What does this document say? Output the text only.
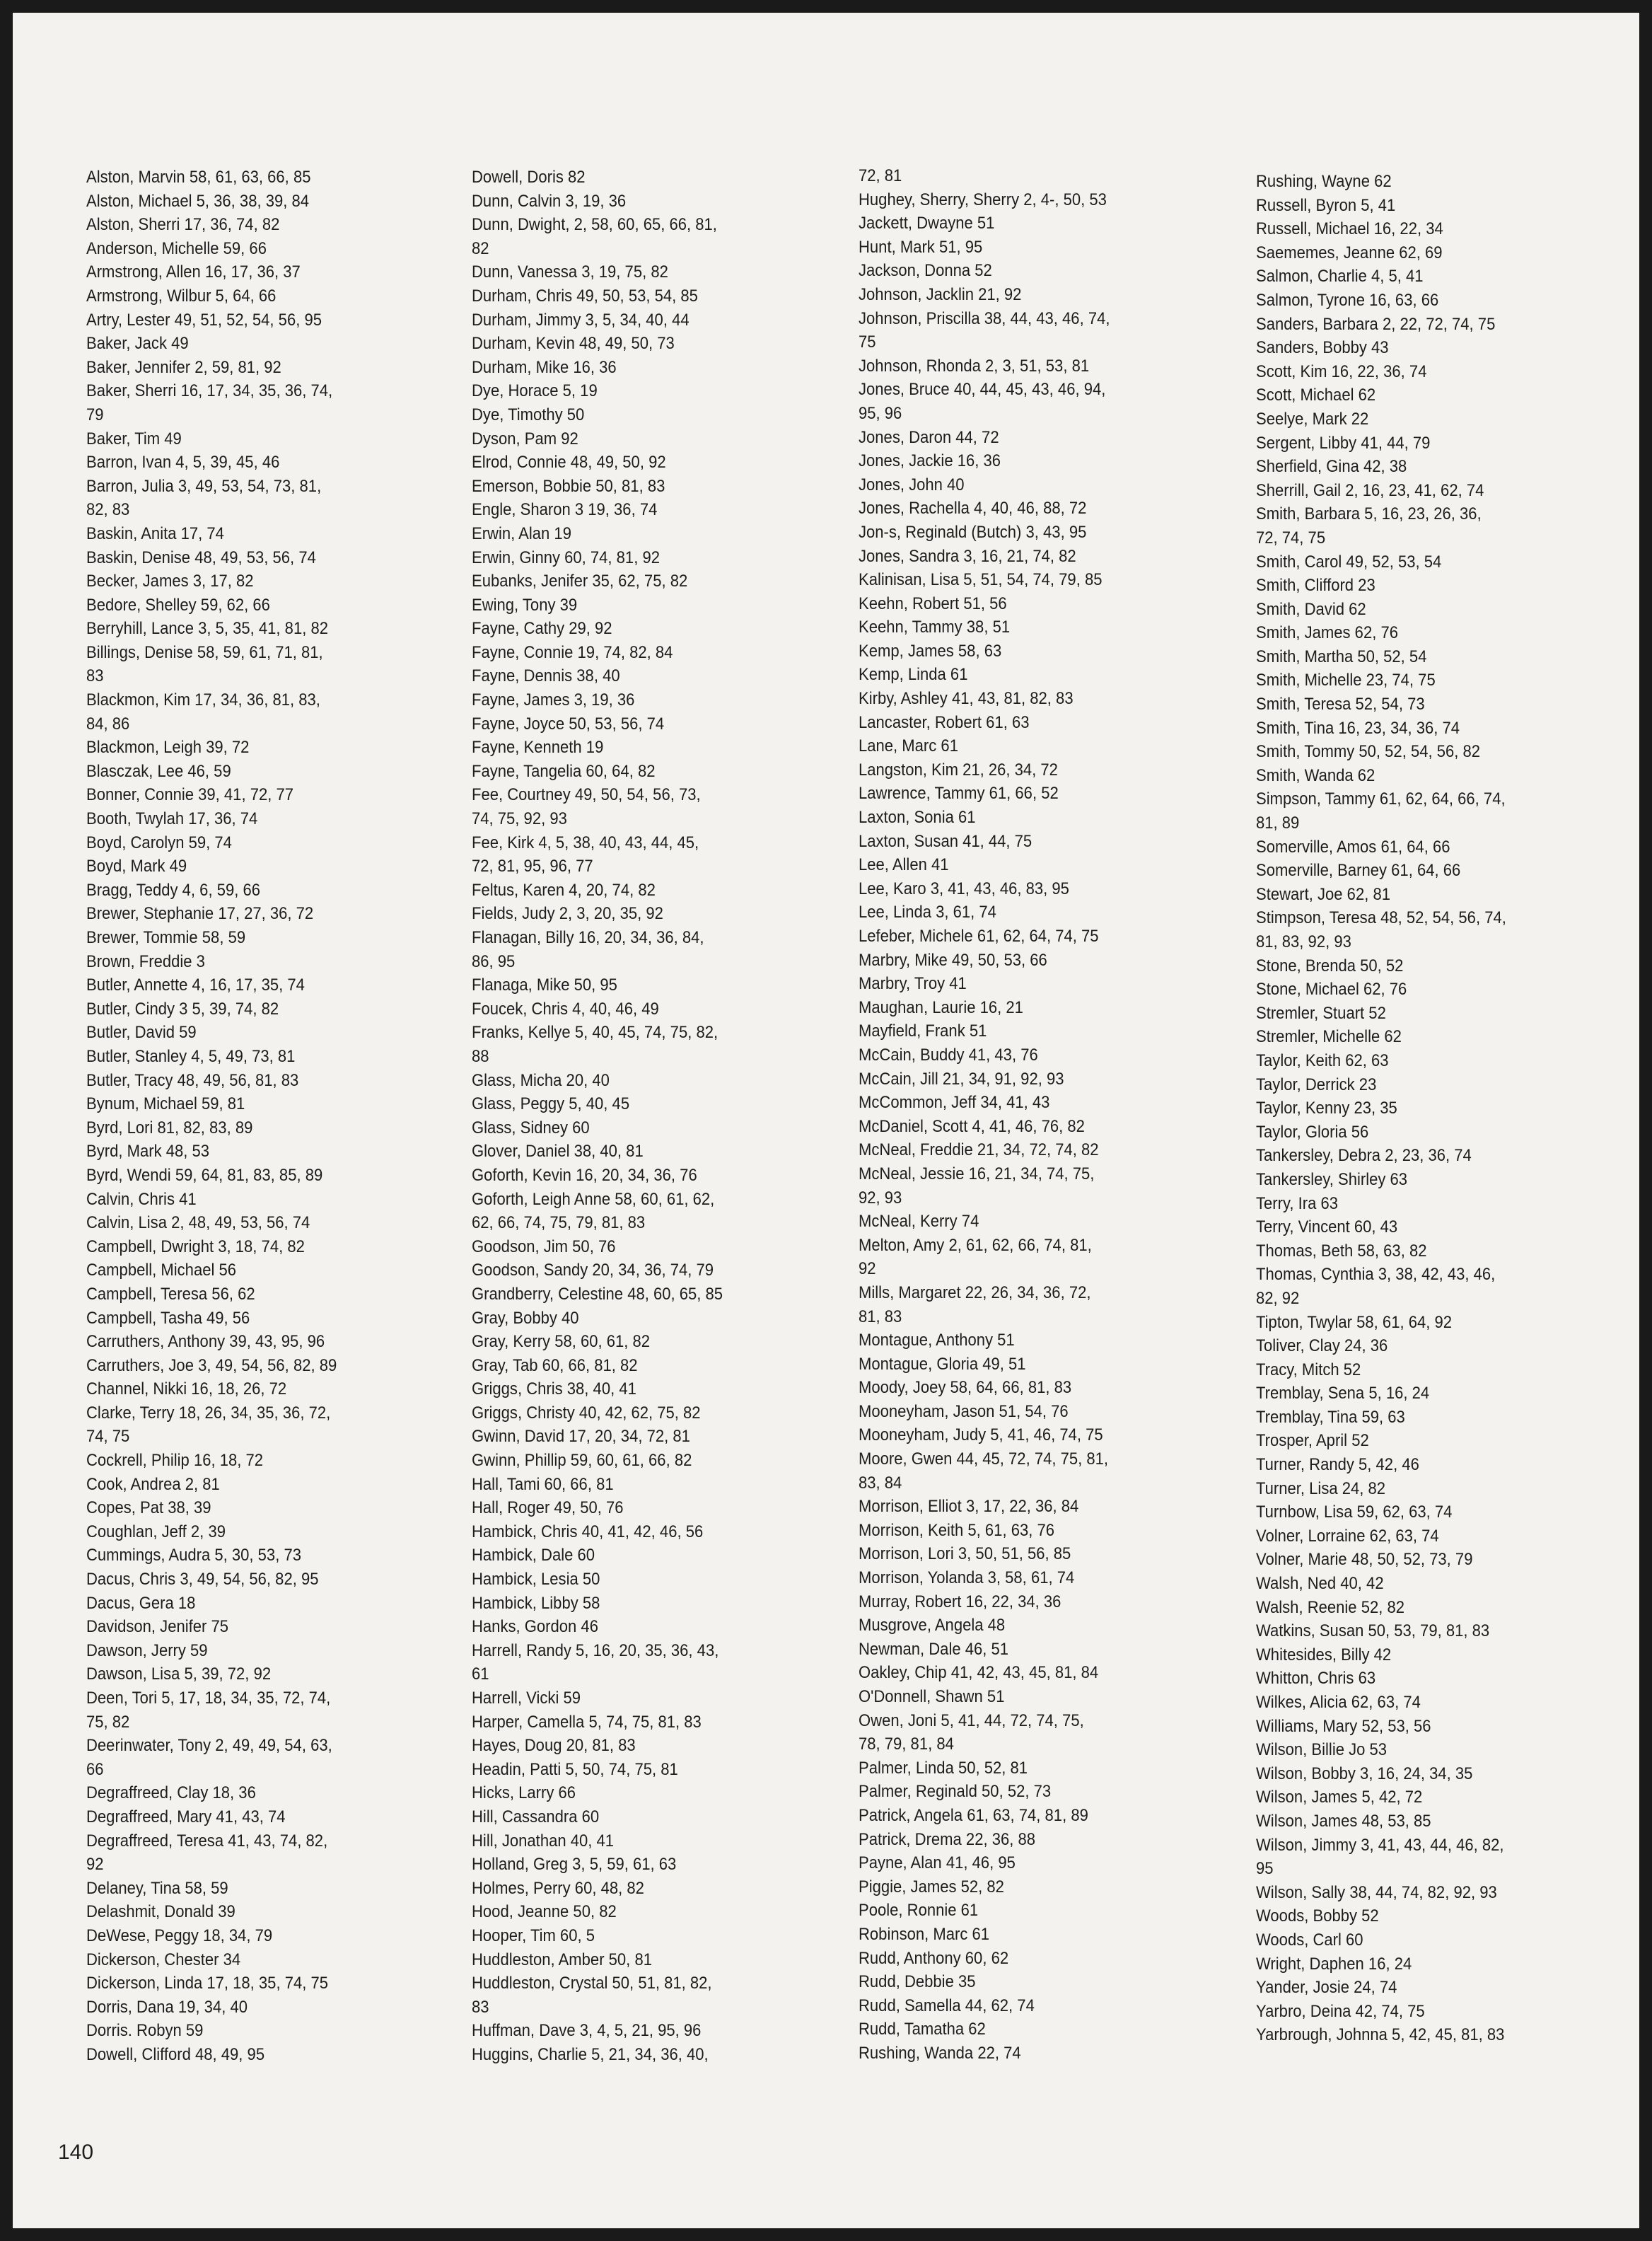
Alston, Marvin 58, 61, 63, 66, 85
Alston, Michael 5, 36, 38, 39, 84
Alston, Sherri 17, 36, 74, 82
Anderson, Michelle 59, 66
Armstrong, Allen 16, 17, 36, 37
Armstrong, Wilbur 5, 64, 66
Artry, Lester 49, 51, 52, 54, 56, 95
Baker, Jack 49
Baker, Jennifer 2, 59, 81, 92
Baker, Sherri 16, 17, 34, 35, 36, 74,
79
Baker, Tim 49
Barron, Ivan 4, 5, 39, 45, 46
Barron, Julia 3, 49, 53, 54, 73, 81,
82, 83
Baskin, Anita 17, 74
Baskin, Denise 48, 49, 53, 56, 74
Becker, James 3, 17, 82
Bedore, Shelley 59, 62, 66
Berryhill, Lance 3, 5, 35, 41, 81, 82
Billings, Denise 58, 59, 61, 71, 81,
83
Blackmon, Kim 17, 34, 36, 81, 83,
84, 86
Blackmon, Leigh 39, 72
Blasczak, Lee 46, 59
Bonner, Connie 39, 41, 72, 77
Booth, Twylah 17, 36, 74
Boyd, Carolyn 59, 74
Boyd, Mark 49
Bragg, Teddy 4, 6, 59, 66
Brewer, Stephanie 17, 27, 36, 72
Brewer, Tommie 58, 59
Brown, Freddie 3
Butler, Annette 4, 16, 17, 35, 74
Butler, Cindy 3 5, 39, 74, 82
Butler, David 59
Butler, Stanley 4, 5, 49, 73, 81
Butler, Tracy 48, 49, 56, 81, 83
Bynum, Michael 59, 81
Byrd, Lori 81, 82, 83, 89
Byrd, Mark 48, 53
Byrd, Wendi 59, 64, 81, 83, 85, 89
Calvin, Chris 41
Calvin, Lisa 2, 48, 49, 53, 56, 74
Campbell, Dwright 3, 18, 74, 82
Campbell, Michael 56
Campbell, Teresa 56, 62
Campbell, Tasha 49, 56
Carruthers, Anthony 39, 43, 95, 96
Carruthers, Joe 3, 49, 54, 56, 82, 89
Channel, Nikki 16, 18, 26, 72
Clarke, Terry 18, 26, 34, 35, 36, 72,
74, 75
Cockrell, Philip 16, 18, 72
Cook, Andrea 2, 81
Copes, Pat 38, 39
Coughlan, Jeff 2, 39
Cummings, Audra 5, 30, 53, 73
Dacus, Chris 3, 49, 54, 56, 82, 95
Dacus, Gera 18
Davidson, Jenifer 75
Dawson, Jerry 59
Dawson, Lisa 5, 39, 72, 92
Deen, Tori 5, 17, 18, 34, 35, 72, 74,
75, 82
Deerinwater, Tony 2, 49, 49, 54, 63,
66
Degraffreed, Clay 18, 36
Degraffreed, Mary 41, 43, 74
Degraffreed, Teresa 41, 43, 74, 82,
92
Delaney, Tina 58, 59
Delashmit, Donald 39
DeWese, Peggy 18, 34, 79
Dickerson, Chester 34
Dickerson, Linda 17, 18, 35, 74, 75
Dorris, Dana 19, 34, 40
Dorris. Robyn 59
Dowell, Clifford 48, 49, 95
Dowell, Doris 82
Dunn, Calvin 3, 19, 36
Dunn, Dwight, 2, 58, 60, 65, 66, 81,
82
Dunn, Vanessa 3, 19, 75, 82
Durham, Chris 49, 50, 53, 54, 85
Durham, Jimmy 3, 5, 34, 40, 44
Durham, Kevin 48, 49, 50, 73
Durham, Mike 16, 36
Dye, Horace 5, 19
Dye, Timothy 50
Dyson, Pam 92
Elrod, Connie 48, 49, 50, 92
Emerson, Bobbie 50, 81, 83
Engle, Sharon 3 19, 36, 74
Erwin, Alan 19
Erwin, Ginny 60, 74, 81, 92
Eubanks, Jenifer 35, 62, 75, 82
Ewing, Tony 39
Fayne, Cathy 29, 92
Fayne, Connie 19, 74, 82, 84
Fayne, Dennis 38, 40
Fayne, James 3, 19, 36
Fayne, Joyce 50, 53, 56, 74
Fayne, Kenneth 19
Fayne, Tangelia 60, 64, 82
Fee, Courtney 49, 50, 54, 56, 73,
74, 75, 92, 93
Fee, Kirk 4, 5, 38, 40, 43, 44, 45,
72, 81, 95, 96, 77
Feltus, Karen 4, 20, 74, 82
Fields, Judy 2, 3, 20, 35, 92
Flanagan, Billy 16, 20, 34, 36, 84,
86, 95
Flanaga, Mike 50, 95
Foucek, Chris 4, 40, 46, 49
Franks, Kellye 5, 40, 45, 74, 75, 82,
88
Glass, Micha 20, 40
Glass, Peggy 5, 40, 45
Glass, Sidney 60
Glover, Daniel 38, 40, 81
Goforth, Kevin 16, 20, 34, 36, 76
Goforth, Leigh Anne 58, 60, 61, 62,
62, 66, 74, 75, 79, 81, 83
Goodson, Jim 50, 76
Goodson, Sandy 20, 34, 36, 74, 79
Grandberry, Celestine 48, 60, 65, 85
Gray, Bobby 40
Gray, Kerry 58, 60, 61, 82
Gray, Tab 60, 66, 81, 82
Griggs, Chris 38, 40, 41
Griggs, Christy 40, 42, 62, 75, 82
Gwinn, David 17, 20, 34, 72, 81
Gwinn, Phillip 59, 60, 61, 66, 82
Hall, Tami 60, 66, 81
Hall, Roger 49, 50, 76
Hambick, Chris 40, 41, 42, 46, 56
Hambick, Dale 60
Hambick, Lesia 50
Hambick, Libby 58
Hanks, Gordon 46
Harrell, Randy 5, 16, 20, 35, 36, 43,
61
Harrell, Vicki 59
Harper, Camella 5, 74, 75, 81, 83
Hayes, Doug 20, 81, 83
Headin, Patti 5, 50, 74, 75, 81
Hicks, Larry 66
Hill, Cassandra 60
Hill, Jonathan 40, 41
Holland, Greg 3, 5, 59, 61, 63
Holmes, Perry 60, 48, 82
Hood, Jeanne 50, 82
Hooper, Tim 60, 5
Huddleston, Amber 50, 81
Huddleston, Crystal 50, 51, 81, 82,
83
Huffman, Dave 3, 4, 5, 21, 95, 96
Huggins, Charlie 5, 21, 34, 36, 40,
72, 81
Hughey, Sherry, Sherry 2, 4-, 50, 53
Jackett, Dwayne 51
Hunt, Mark 51, 95
Jackson, Donna 52
Johnson, Jacklin 21, 92
Johnson, Priscilla 38, 44, 43, 46, 74,
75
Johnson, Rhonda 2, 3, 51, 53, 81
Jones, Bruce 40, 44, 45, 43, 46, 94,
95, 96
Jones, Daron 44, 72
Jones, Jackie 16, 36
Jones, John 40
Jones, Rachella 4, 40, 46, 88, 72
Jon-s, Reginald (Butch) 3, 43, 95
Jones, Sandra 3, 16, 21, 74, 82
Kalinisan, Lisa 5, 51, 54, 74, 79, 85
Keehn, Robert 51, 56
Keehn, Tammy 38, 51
Kemp, James 58, 63
Kemp, Linda 61
Kirby, Ashley 41, 43, 81, 82, 83
Lancaster, Robert 61, 63
Lane, Marc 61
Langston, Kim 21, 26, 34, 72
Lawrence, Tammy 61, 66, 52
Laxton, Sonia 61
Laxton, Susan 41, 44, 75
Lee, Allen 41
Lee, Karo 3, 41, 43, 46, 83, 95
Lee, Linda 3, 61, 74
Lefeber, Michele 61, 62, 64, 74, 75
Marbry, Mike 49, 50, 53, 66
Marbry, Troy 41
Maughan, Laurie 16, 21
Mayfield, Frank 51
McCain, Buddy 41, 43, 76
McCain, Jill 21, 34, 91, 92, 93
McCommon, Jeff 34, 41, 43
McDaniel, Scott 4, 41, 46, 76, 82
McNeal, Freddie 21, 34, 72, 74, 82
McNeal, Jessie 16, 21, 34, 74, 75,
92, 93
McNeal, Kerry 74
Melton, Amy 2, 61, 62, 66, 74, 81,
92
Mills, Margaret 22, 26, 34, 36, 72,
81, 83
Montague, Anthony 51
Montague, Gloria 49, 51
Moody, Joey 58, 64, 66, 81, 83
Mooneyham, Jason 51, 54, 76
Mooneyham, Judy 5, 41, 46, 74, 75
Moore, Gwen 44, 45, 72, 74, 75, 81,
83, 84
Morrison, Elliot 3, 17, 22, 36, 84
Morrison, Keith 5, 61, 63, 76
Morrison, Lori 3, 50, 51, 56, 85
Morrison, Yolanda 3, 58, 61, 74
Murray, Robert 16, 22, 34, 36
Musgrove, Angela 48
Newman, Dale 46, 51
Oakley, Chip 41, 42, 43, 45, 81, 84
O'Donnell, Shawn 51
Owen, Joni 5, 41, 44, 72, 74, 75,
78, 79, 81, 84
Palmer, Linda 50, 52, 81
Palmer, Reginald 50, 52, 73
Patrick, Angela 61, 63, 74, 81, 89
Patrick, Drema 22, 36, 88
Payne, Alan 41, 46, 95
Piggie, James 52, 82
Poole, Ronnie 61
Robinson, Marc 61
Rudd, Anthony 60, 62
Rudd, Debbie 35
Rudd, Samella 44, 62, 74
Rudd, Tamatha 62
Rushing, Wanda 22, 74
Rushing, Wayne 62
Russell, Byron 5, 41
Russell, Michael 16, 22, 34
Saememes, Jeanne 62, 69
Salmon, Charlie 4, 5, 41
Salmon, Tyrone 16, 63, 66
Sanders, Barbara 2, 22, 72, 74, 75
Sanders, Bobby 43
Scott, Kim 16, 22, 36, 74
Scott, Michael 62
Seelye, Mark 22
Sergent, Libby 41, 44, 79
Sherfield, Gina 42, 38
Sherrill, Gail 2, 16, 23, 41, 62, 74
Smith, Barbara 5, 16, 23, 26, 36,
72, 74, 75
Smith, Carol 49, 52, 53, 54
Smith, Clifford 23
Smith, David 62
Smith, James 62, 76
Smith, Martha 50, 52, 54
Smith, Michelle 23, 74, 75
Smith, Teresa 52, 54, 73
Smith, Tina 16, 23, 34, 36, 74
Smith, Tommy 50, 52, 54, 56, 82
Smith, Wanda 62
Simpson, Tammy 61, 62, 64, 66, 74,
81, 89
Somerville, Amos 61, 64, 66
Somerville, Barney 61, 64, 66
Stewart, Joe 62, 81
Stimpson, Teresa 48, 52, 54, 56, 74,
81, 83, 92, 93
Stone, Brenda 50, 52
Stone, Michael 62, 76
Stremler, Stuart 52
Stremler, Michelle 62
Taylor, Keith 62, 63
Taylor, Derrick 23
Taylor, Kenny 23, 35
Taylor, Gloria 56
Tankersley, Debra 2, 23, 36, 74
Tankersley, Shirley 63
Terry, Ira 63
Terry, Vincent 60, 43
Thomas, Beth 58, 63, 82
Thomas, Cynthia 3, 38, 42, 43, 46,
82, 92
Tipton, Twylar 58, 61, 64, 92
Toliver, Clay 24, 36
Tracy, Mitch 52
Tremblay, Sena 5, 16, 24
Tremblay, Tina 59, 63
Trosper, April 52
Turner, Randy 5, 42, 46
Turner, Lisa 24, 82
Turnbow, Lisa 59, 62, 63, 74
Volner, Lorraine 62, 63, 74
Volner, Marie 48, 50, 52, 73, 79
Walsh, Ned 40, 42
Walsh, Reenie 52, 82
Watkins, Susan 50, 53, 79, 81, 83
Whitesides, Billy 42
Whitton, Chris 63
Wilkes, Alicia 62, 63, 74
Williams, Mary 52, 53, 56
Wilson, Billie Jo 53
Wilson, Bobby 3, 16, 24, 34, 35
Wilson, James 5, 42, 72
Wilson, James 48, 53, 85
Wilson, Jimmy 3, 41, 43, 44, 46, 82,
95
Wilson, Sally 38, 44, 74, 82, 92, 93
Woods, Bobby 52
Woods, Carl 60
Wright, Daphen 16, 24
Yander, Josie 24, 74
Yarbro, Deina 42, 74, 75
Yarbrough, Johnna 5, 42, 45, 81, 83
140
